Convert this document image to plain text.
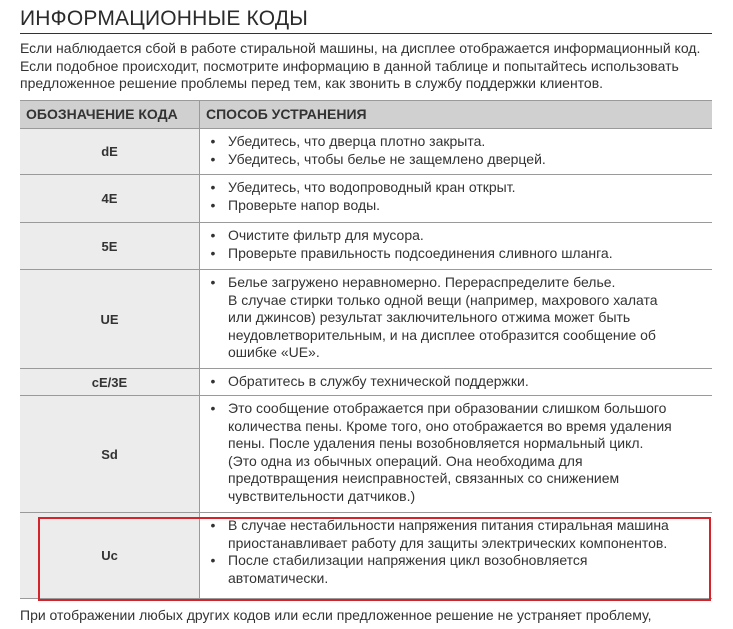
ИНФОРМАЦИОННЫЕ КОДЫ
Если наблюдается сбой в работе стиральной машины, на дисплее отображается информационный код.
Если подобное происходит, посмотрите информацию в данной таблице и попытайтесь использовать
предложенное решение проблемы перед тем, как звонить в службу поддержки клиентов.
ОБОЗНАЧЕНИЕ КОДА	СПОСОБ УСТРАНЕНИЯ
dE
• Убедитесь, что дверца плотно закрыта.
• Убедитесь, чтобы белье не защемлено дверцей.
4E
• Убедитесь, что водопроводный кран открыт.
• Проверьте напор воды.
5E
• Очистите фильтр для мусора.
• Проверьте правильность подсоединения сливного шланга.
UE
• Белье загружено неравномерно. Перераспределите белье.
В случае стирки только одной вещи (например, махрового халата
или джинсов) результат заключительного отжима может быть
неудовлетворительным, и на дисплее отобразится сообщение об
ошибке «UE».
cE/3E	• Обратитесь в службу технической поддержки.
Sd
• Это сообщение отображается при образовании слишком большого
количества пены. Кроме того, оно отображается во время удаления
пены. После удаления пены возобновляется нормальный цикл.
(Это одна из обычных операций. Она необходима для
предотвращения неисправностей, связанных со снижением
чувствительности датчиков.)
Uc
• В случае нестабильности напряжения питания стиральная машина
приостанавливает работу для защиты электрических компонентов.
• После стабилизации напряжения цикл возобновляется
автоматически.
При отображении любых других кодов или если предложенное решение не устраняет проблему,
